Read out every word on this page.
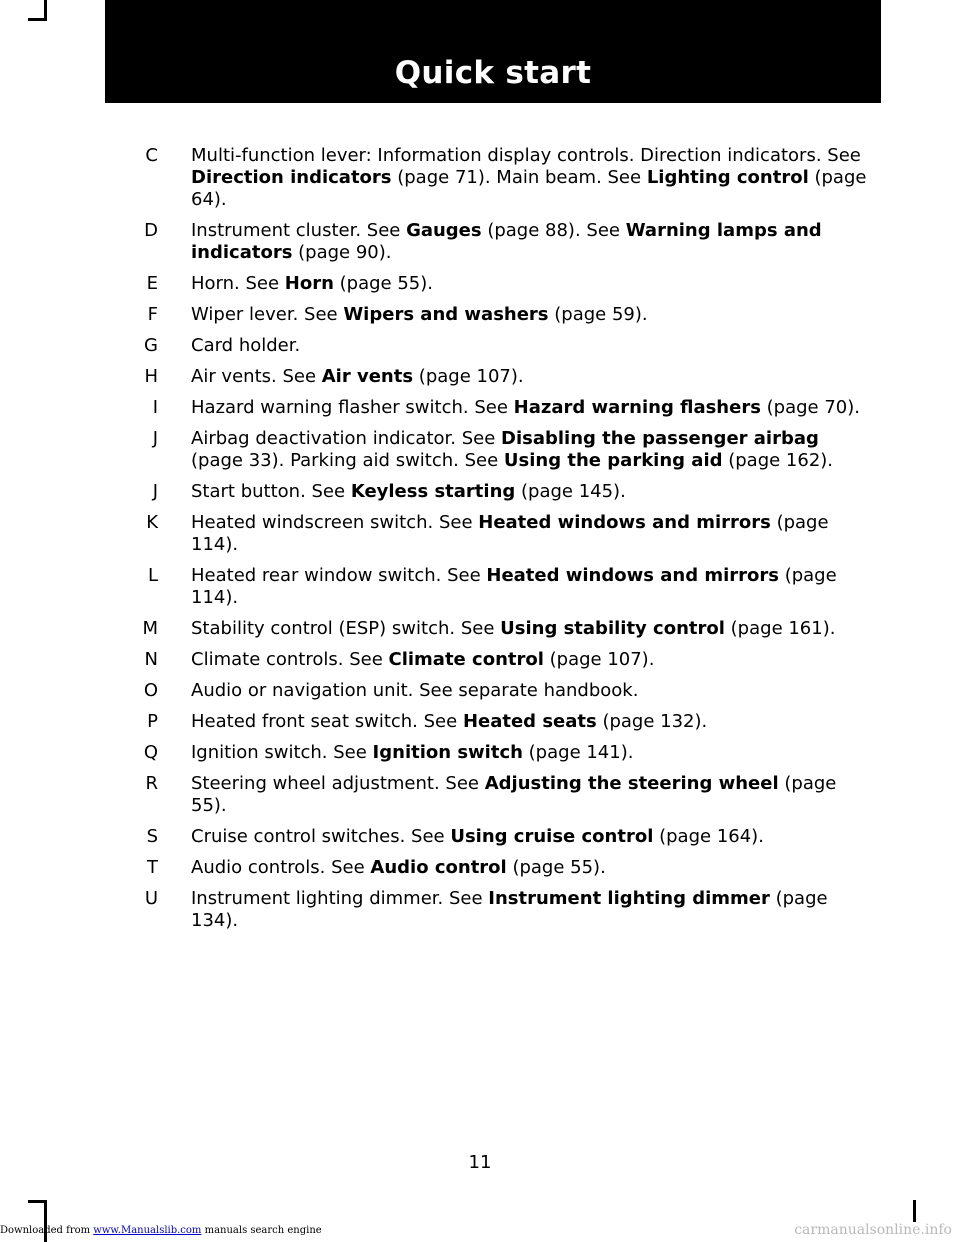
Quick start
C Multi-function lever: Information display controls. Direction indicators. See Direction indicators (page 71). Main beam. See Lighting control (page 64).
D Instrument cluster. See Gauges (page 88). See Warning lamps and indicators (page 90).
E Horn. See Horn (page 55).
F Wiper lever. See Wipers and washers (page 59).
G Card holder.
H Air vents. See Air vents (page 107).
I Hazard warning flasher switch. See Hazard warning flashers (page 70).
J Airbag deactivation indicator. See Disabling the passenger airbag (page 33). Parking aid switch. See Using the parking aid (page 162).
J Start button. See Keyless starting (page 145).
K Heated windscreen switch. See Heated windows and mirrors (page 114).
L Heated rear window switch. See Heated windows and mirrors (page 114).
M Stability control (ESP) switch. See Using stability control (page 161).
N Climate controls. See Climate control (page 107).
O Audio or navigation unit. See separate handbook.
P Heated front seat switch. See Heated seats (page 132).
Q Ignition switch. See Ignition switch (page 141).
R Steering wheel adjustment. See Adjusting the steering wheel (page 55).
S Cruise control switches. See Using cruise control (page 164).
T Audio controls. See Audio control (page 55).
U Instrument lighting dimmer. See Instrument lighting dimmer (page 134).
11
Downloaded from www.Manualslib.com manuals search engine	carmanualsonline.info
